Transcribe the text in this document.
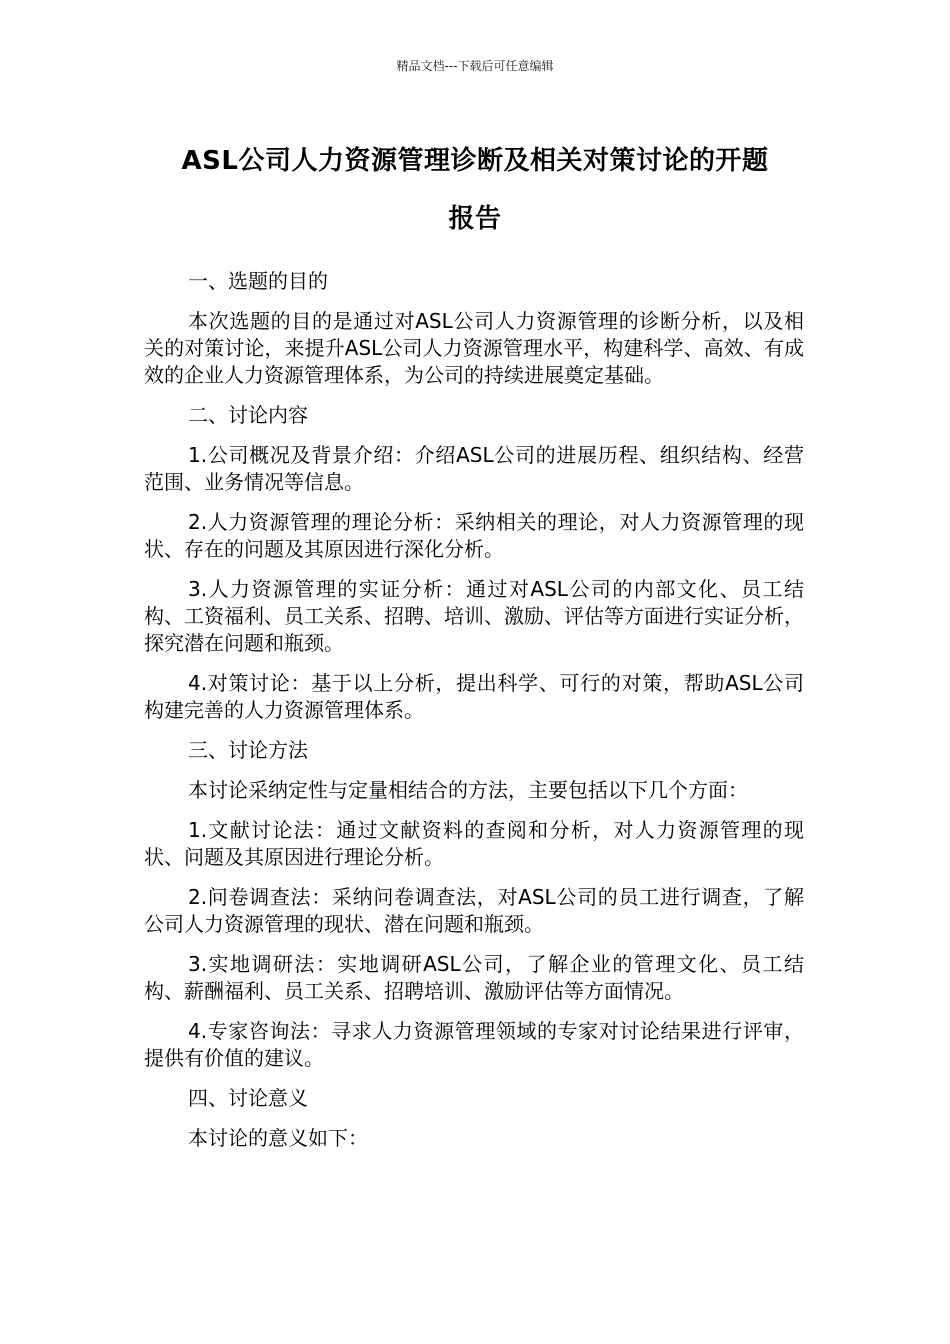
精品文档---下载后可任意编辑
ASL公司人力资源管理诊断及相关对策讨论的开题
报告

一、选题的目的

本次选题的目的是通过对ASL公司人力资源管理的诊断分析，以及相关的对策讨论，来提升ASL公司人力资源管理水平，构建科学、高效、有成效的企业人力资源管理体系，为公司的持续进展奠定基础。

二、讨论内容

1.公司概况及背景介绍：介绍ASL公司的进展历程、组织结构、经营范围、业务情况等信息。

2.人力资源管理的理论分析：采纳相关的理论，对人力资源管理的现状、存在的问题及其原因进行深化分析。

3.人力资源管理的实证分析：通过对ASL公司的内部文化、员工结构、工资福利、员工关系、招聘、培训、激励、评估等方面进行实证分析，探究潜在问题和瓶颈。

4.对策讨论：基于以上分析，提出科学、可行的对策，帮助ASL公司构建完善的人力资源管理体系。

三、讨论方法

本讨论采纳定性与定量相结合的方法，主要包括以下几个方面：

1.文献讨论法：通过文献资料的查阅和分析，对人力资源管理的现状、问题及其原因进行理论分析。

2.问卷调查法：采纳问卷调查法，对ASL公司的员工进行调查，了解公司人力资源管理的现状、潜在问题和瓶颈。

3.实地调研法：实地调研ASL公司，了解企业的管理文化、员工结构、薪酬福利、员工关系、招聘培训、激励评估等方面情况。

4.专家咨询法：寻求人力资源管理领域的专家对讨论结果进行评审，提供有价值的建议。

四、讨论意义

本讨论的意义如下：
